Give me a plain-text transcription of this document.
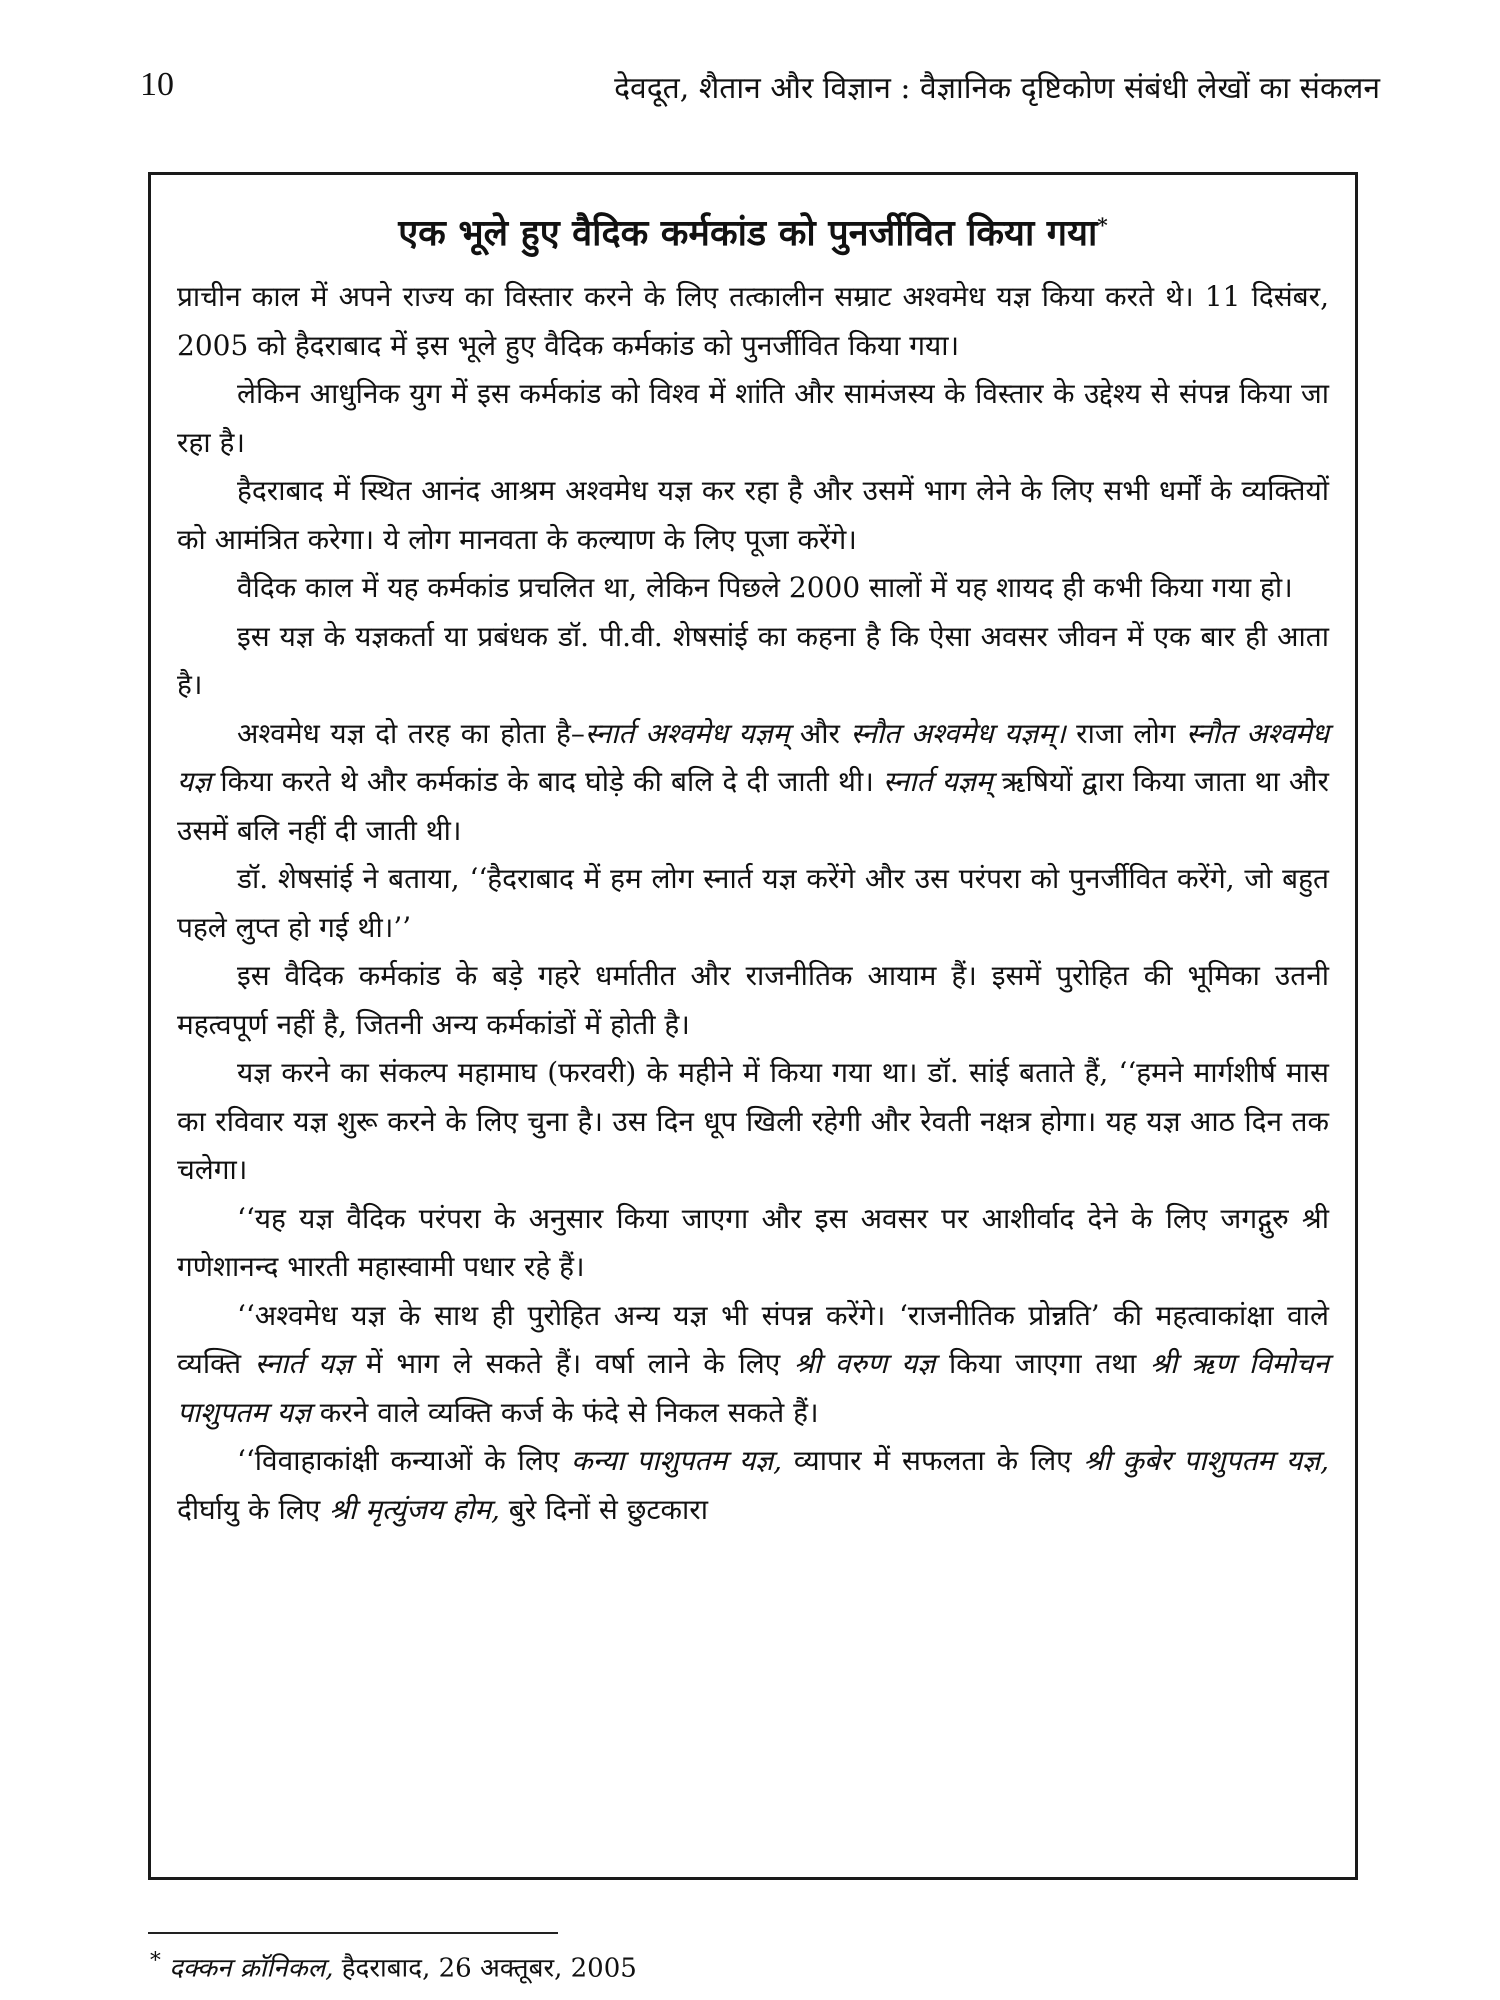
10	देवदूत, शैतान और विज्ञान : वैज्ञानिक दृष्टिकोण संबंधी लेखों का संकलन
एक भूले हुए वैदिक कर्मकांड को पुनर्जीवित किया गया*

प्राचीन काल में अपने राज्य का विस्तार करने के लिए तत्कालीन सम्राट अश्वमेध यज्ञ किया करते थे। 11 दिसंबर, 2005 को हैदराबाद में इस भूले हुए वैदिक कर्मकांड को पुनर्जीवित किया गया।

लेकिन आधुनिक युग में इस कर्मकांड को विश्व में शांति और सामंजस्य के विस्तार के उद्देश्य से संपन्न किया जा रहा है।

हैदराबाद में स्थित आनंद आश्रम अश्वमेध यज्ञ कर रहा है और उसमें भाग लेने के लिए सभी धर्मों के व्यक्तियों को आमंत्रित करेगा। ये लोग मानवता के कल्याण के लिए पूजा करेंगे।

वैदिक काल में यह कर्मकांड प्रचलित था, लेकिन पिछले 2000 सालों में यह शायद ही कभी किया गया हो।

इस यज्ञ के यज्ञकर्ता या प्रबंधक डॉ. पी.वी. शेषसांई का कहना है कि ऐसा अवसर जीवन में एक बार ही आता है।

अश्वमेध यज्ञ दो तरह का होता है–स्नार्त अश्वमेध यज्ञम् और स्नौत अश्वमेध यज्ञम्। राजा लोग स्नौत अश्वमेध यज्ञ किया करते थे और कर्मकांड के बाद घोड़े की बलि दे दी जाती थी। स्नार्त यज्ञम् ऋषियों द्वारा किया जाता था और उसमें बलि नहीं दी जाती थी।

डॉ. शेषसांई ने बताया, ‘‘हैदराबाद में हम लोग स्नार्त यज्ञ करेंगे और उस परंपरा को पुनर्जीवित करेंगे, जो बहुत पहले लुप्त हो गई थी।’’

इस वैदिक कर्मकांड के बड़े गहरे धर्मातीत और राजनीतिक आयाम हैं। इसमें पुरोहित की भूमिका उतनी महत्वपूर्ण नहीं है, जितनी अन्य कर्मकांडों में होती है।

यज्ञ करने का संकल्प महामाघ (फरवरी) के महीने में किया गया था। डॉ. सांई बताते हैं, ‘‘हमने मार्गशीर्ष मास का रविवार यज्ञ शुरू करने के लिए चुना है। उस दिन धूप खिली रहेगी और रेवती नक्षत्र होगा। यह यज्ञ आठ दिन तक चलेगा।

‘‘यह यज्ञ वैदिक परंपरा के अनुसार किया जाएगा और इस अवसर पर आशीर्वाद देने के लिए जगद्गुरु श्री गणेशानन्द भारती महास्वामी पधार रहे हैं।

‘‘अश्वमेध यज्ञ के साथ ही पुरोहित अन्य यज्ञ भी संपन्न करेंगे। ‘राजनीतिक प्रोन्नति’ की महत्वाकांक्षा वाले व्यक्ति स्नार्त यज्ञ में भाग ले सकते हैं। वर्षा लाने के लिए श्री वरुण यज्ञ किया जाएगा तथा श्री ऋण विमोचन पाशुपतम यज्ञ करने वाले व्यक्ति कर्ज के फंदे से निकल सकते हैं।

‘‘विवाहाकांक्षी कन्याओं के लिए कन्या पाशुपतम यज्ञ, व्यापार में सफलता के लिए श्री कुबेर पाशुपतम यज्ञ, दीर्घायु के लिए श्री मृत्युंजय होम, बुरे दिनों से छुटकारा

* दक्कन क्रॉनिकल, हैदराबाद, 26 अक्तूबर, 2005
